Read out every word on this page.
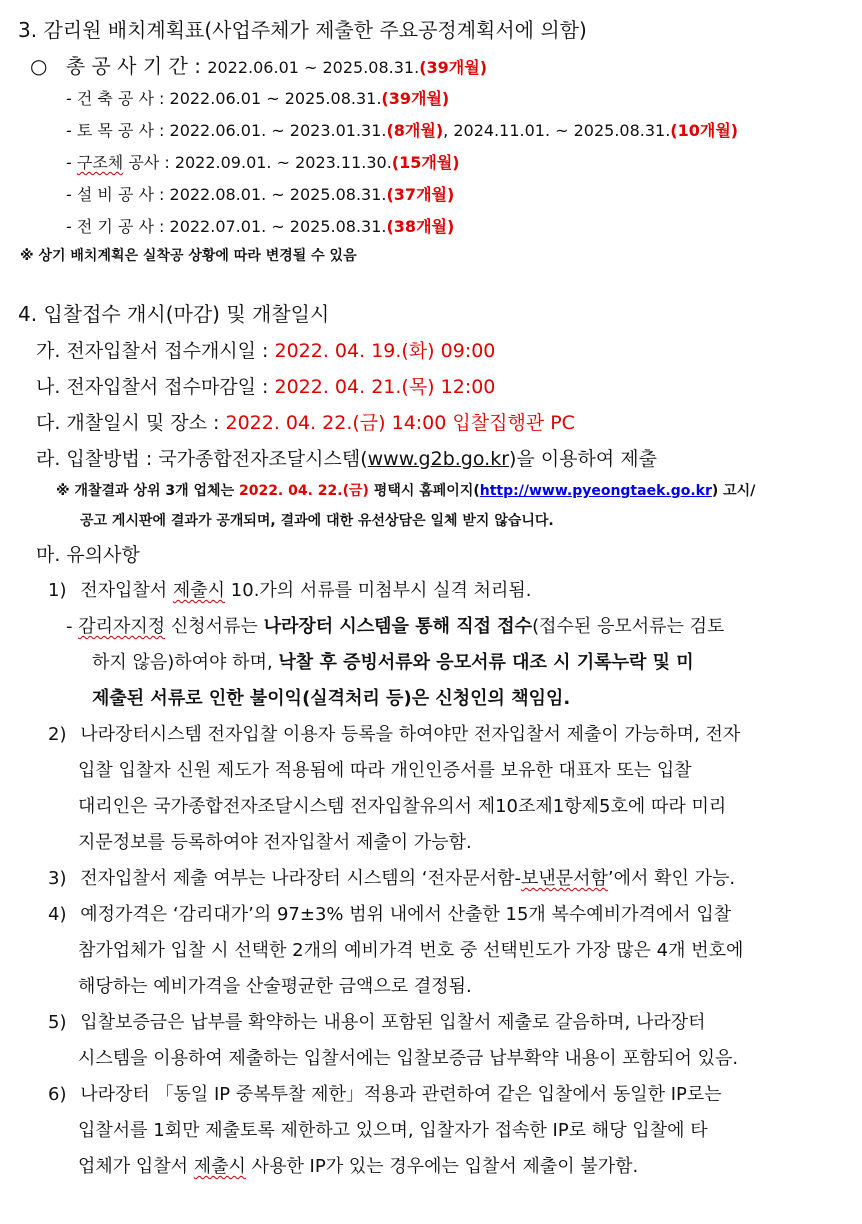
3. 감리원 배치계획표(사업주체가 제출한 주요공정계획서에 의함)
○ 총 공 사 기 간 : 2022.06.01 ~ 2025.08.31.(39개월)
- 건 축 공 사 : 2022.06.01 ~ 2025.08.31.(39개월)
- 토 목 공 사 : 2022.06.01. ~ 2023.01.31.(8개월), 2024.11.01. ~ 2025.08.31.(10개월)
- 구조체 공사 : 2022.09.01. ~ 2023.11.30.(15개월)
- 설 비 공 사 : 2022.08.01. ~ 2025.08.31.(37개월)
- 전 기 공 사 : 2022.07.01. ~ 2025.08.31.(38개월)
※ 상기 배치계획은 실착공 상황에 따라 변경될 수 있음
4. 입찰접수 개시(마감) 및 개찰일시
가. 전자입찰서 접수개시일 : 2022. 04. 19.(화) 09:00
나. 전자입찰서 접수마감일 : 2022. 04. 21.(목) 12:00
다. 개찰일시 및 장소 : 2022. 04. 22.(금) 14:00 입찰집행관 PC
라. 입찰방법 : 국가종합전자조달시스템(www.g2b.go.kr)을 이용하여 제출
※ 개찰결과 상위 3개 업체는 2022. 04. 22.(금) 평택시 홈페이지(http://www.pyeongtaek.go.kr) 고시/
공고 게시판에 결과가 공개되며, 결과에 대한 유선상담은 일체 받지 않습니다.
마. 유의사항
1) 전자입찰서 제출시 10.가의 서류를 미첨부시 실격 처리됨.
- 감리자지정 신청서류는 나라장터 시스템을 통해 직접 접수(접수된 응모서류는 검토
하지 않음)하여야 하며, 낙찰 후 증빙서류와 응모서류 대조 시 기록누락 및 미
제출된 서류로 인한 불이익(실격처리 등)은 신청인의 책임임.
2) 나라장터시스템 전자입찰 이용자 등록을 하여야만 전자입찰서 제출이 가능하며, 전자
입찰 입찰자 신원 제도가 적용됨에 따라 개인인증서를 보유한 대표자 또는 입찰
대리인은 국가종합전자조달시스템 전자입찰유의서 제10조제1항제5호에 따라 미리
지문정보를 등록하여야 전자입찰서 제출이 가능함.
3) 전자입찰서 제출 여부는 나라장터 시스템의 ‘전자문서함-보낸문서함’에서 확인 가능.
4) 예정가격은 ‘감리대가’의 97±3% 범위 내에서 산출한 15개 복수예비가격에서 입찰
참가업체가 입찰 시 선택한 2개의 예비가격 번호 중 선택빈도가 가장 많은 4개 번호에
해당하는 예비가격을 산술평균한 금액으로 결정됨.
5) 입찰보증금은 납부를 확약하는 내용이 포함된 입찰서 제출로 갈음하며, 나라장터
시스템을 이용하여 제출하는 입찰서에는 입찰보증금 납부확약 내용이 포함되어 있음.
6) 나라장터 「동일 IP 중복투찰 제한」적용과 관련하여 같은 입찰에서 동일한 IP로는
입찰서를 1회만 제출토록 제한하고 있으며, 입찰자가 접속한 IP로 해당 입찰에 타
업체가 입찰서 제출시 사용한 IP가 있는 경우에는 입찰서 제출이 불가함.
